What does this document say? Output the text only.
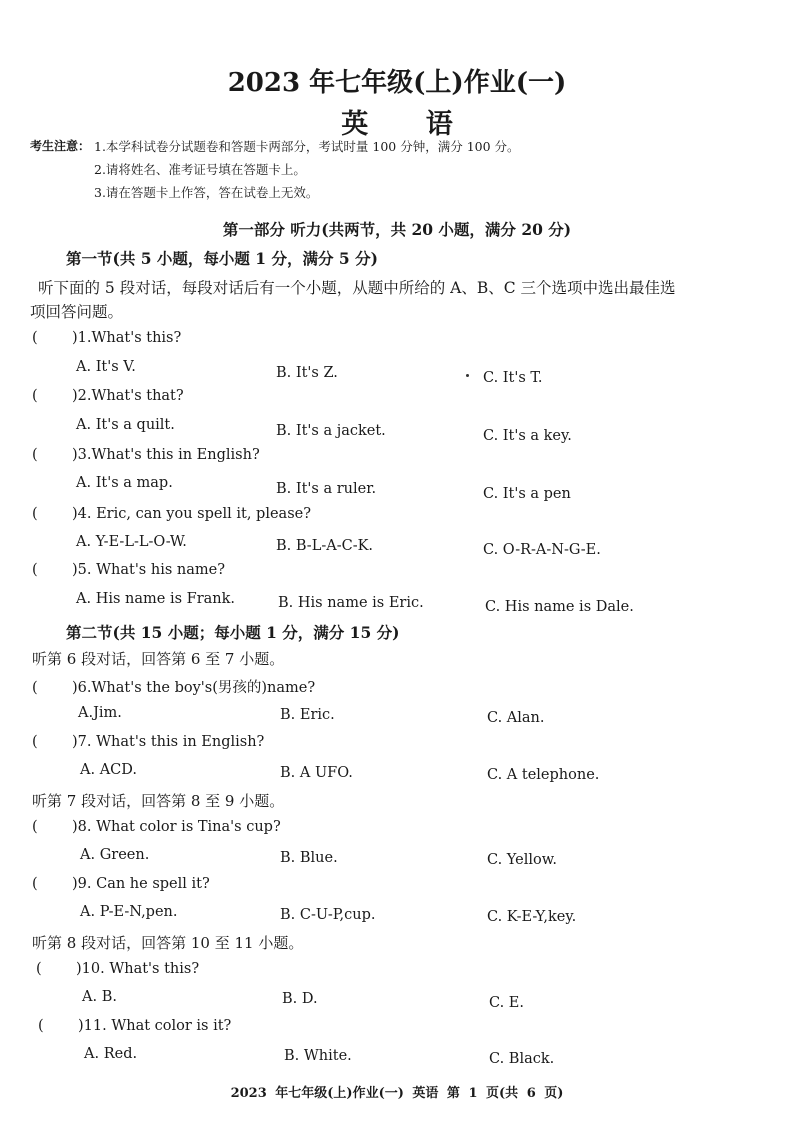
2023 年七年级(上)作业(一)
英 语
考生注意： 1.本学科试卷分试题卷和答题卡两部分，考试时量 100 分钟，满分 100 分。
2.请将姓名、准考证号填在答题卡上。
3.请在答题卡上作答，答在试卷上无效。
第一部分 听力(共两节，共 20 小题，满分 20 分)
第一节(共 5 小题，每小题 1 分，满分 5 分)
听下面的 5 段对话，每段对话后有一个小题，从题中所给的 A、B、C 三个选项中选出最佳选
项回答问题。
( )1.What's this?
A. It's V.	B. It's Z.	C. It's T.
( )2.What's that?
A. It's a quilt.	B. It's a jacket.	C. It's a key.
( )3.What's this in English?
A. It's a map.	B. It's a ruler.	C. It's a pen
( )4. Eric, can you spell it, please?
A. Y-E-L-L-O-W.	B. B-L-A-C-K.	C. O-R-A-N-G-E.
( )5. What's his name?
A. His name is Frank.	B. His name is Eric.	C. His name is Dale.
第二节(共 15 小题；每小题 1 分，满分 15 分)
听第 6 段对话，回答第 6 至 7 小题。
( )6.What's the boy's(男孩的)name?
A.Jim.	B. Eric.	C. Alan.
( )7. What's this in English?
A. ACD.	B. A UFO.	C. A telephone.
听第 7 段对话，回答第 8 至 9 小题。
( )8. What color is Tina's cup?
A. Green.	B. Blue.	C. Yellow.
( )9. Can he spell it?
A. P-E-N,pen.	B. C-U-P,cup.	C. K-E-Y,key.
听第 8 段对话，回答第 10 至 11 小题。
( )10. What's this?
A. B.	B. D.	C. E.
( )11. What color is it?
A. Red.	B. White.	C. Black.
2023 年七年级(上)作业(一) 英语 第 1 页(共 6 页)
